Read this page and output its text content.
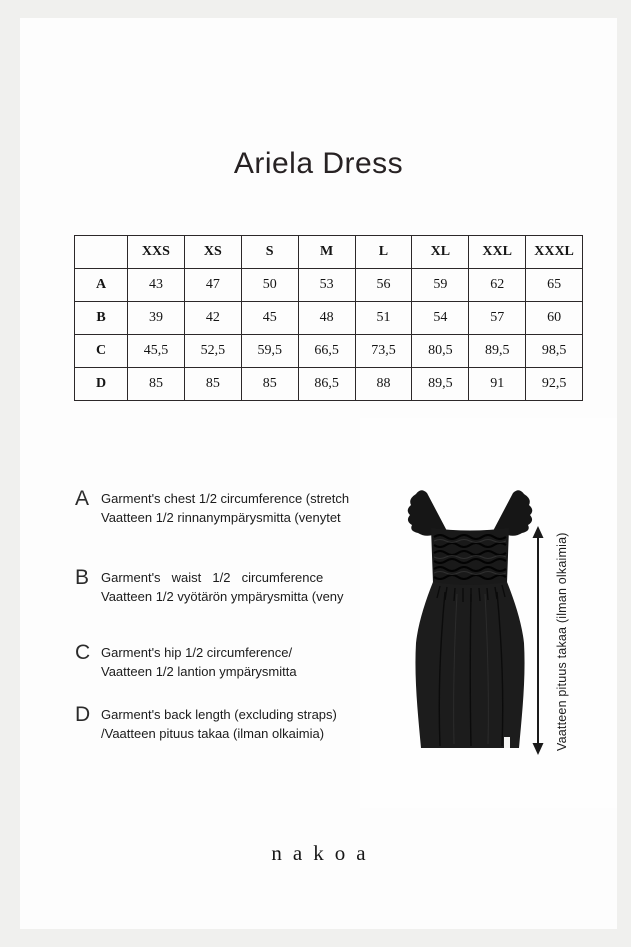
Ariela Dress
	XXS	XS	S	M	L	XL	XXL	XXXL
A	43	47	50	53	56	59	62	65
B	39	42	45	48	51	54	57	60
C	45,5	52,5	59,5	66,5	73,5	80,5	89,5	98,5
D	85	85	85	86,5	88	89,5	91	92,5
A Garment's chest 1/2 circumference (stretch
Vaatteen 1/2 rinnanympärysmitta (venytet
B Garment's waist 1/2 circumference
Vaatteen 1/2 vyötärön ympärysmitta (veny
C Garment's hip 1/2 circumference/
Vaatteen 1/2 lantion ympärysmitta
D Garment's back length (excluding straps)
/Vaatteen pituus takaa (ilman olkaimia)	Vaatteen pituus takaa (ilman olkaimia)
nakoa
